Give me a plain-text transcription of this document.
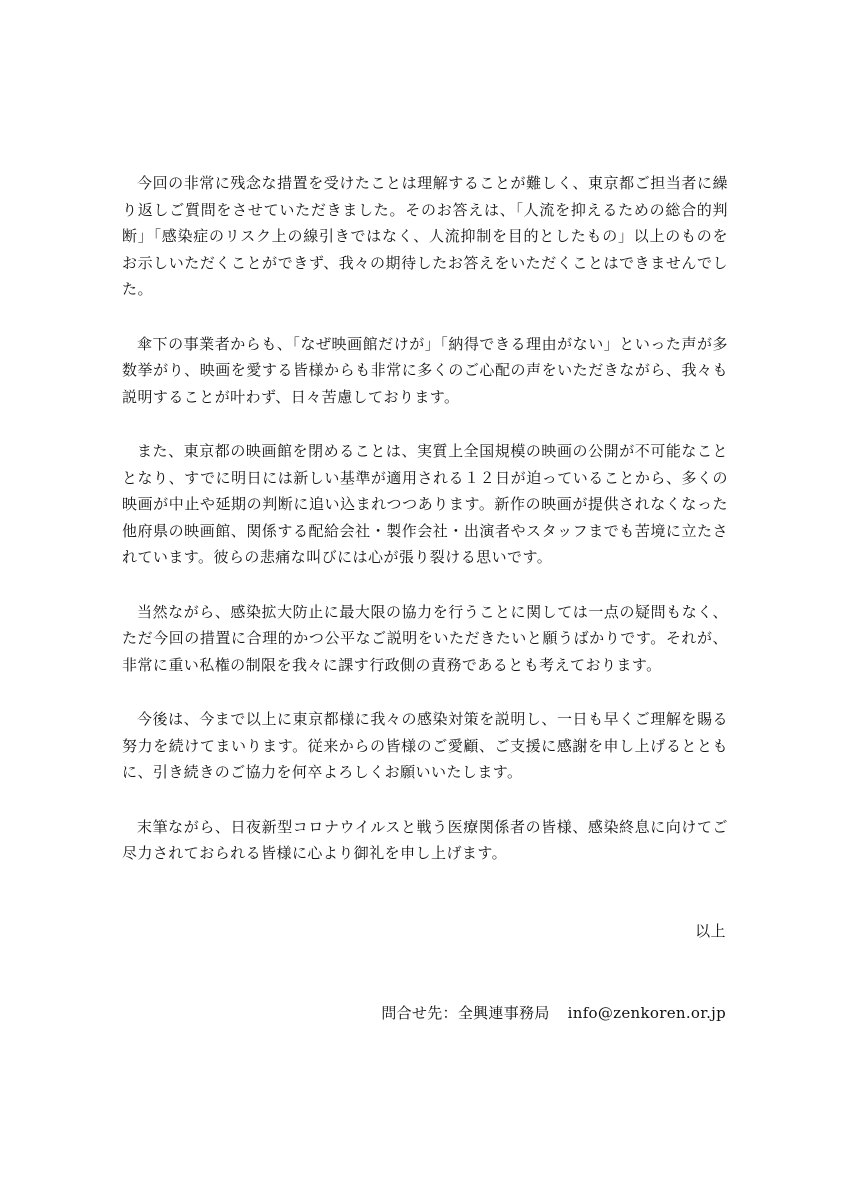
今回の非常に残念な措置を受けたことは理解することが難しく、東京都ご担当者に繰り返しご質問をさせていただきました。そのお答えは、「人流を抑えるための総合的判断」「感染症のリスク上の線引きではなく、人流抑制を目的としたもの」以上のものをお示しいただくことができず、我々の期待したお答えをいただくことはできませんでした。

傘下の事業者からも、「なぜ映画館だけが」「納得できる理由がない」といった声が多数挙がり、映画を愛する皆様からも非常に多くのご心配の声をいただきながら、我々も説明することが叶わず、日々苦慮しております。

また、東京都の映画館を閉めることは、実質上全国規模の映画の公開が不可能なこととなり、すでに明日には新しい基準が適用される１２日が迫っていることから、多くの映画が中止や延期の判断に追い込まれつつあります。新作の映画が提供されなくなった他府県の映画館、関係する配給会社・製作会社・出演者やスタッフまでも苦境に立たされています。彼らの悲痛な叫びには心が張り裂ける思いです。

当然ながら、感染拡大防止に最大限の協力を行うことに関しては一点の疑問もなく、ただ今回の措置に合理的かつ公平なご説明をいただきたいと願うばかりです。それが、非常に重い私権の制限を我々に課す行政側の責務であるとも考えております。

今後は、今まで以上に東京都様に我々の感染対策を説明し、一日も早くご理解を賜る努力を続けてまいります。従来からの皆様のご愛顧、ご支援に感謝を申し上げるとともに、引き続きのご協力を何卒よろしくお願いいたします。

末筆ながら、日夜新型コロナウイルスと戦う医療関係者の皆様、感染終息に向けてご尽力されておられる皆様に心より御礼を申し上げます。

以上

問合せ先：全興連事務局 info@zenkoren.or.jp
